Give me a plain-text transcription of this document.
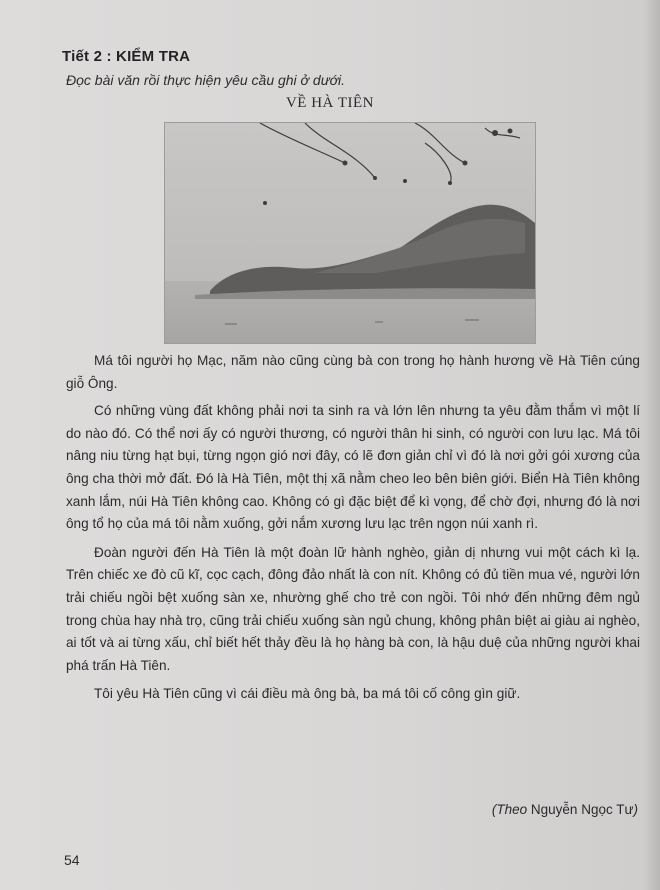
Tiết 2 : KIỂM TRA
Đọc bài văn rồi thực hiện yêu cầu ghi ở dưới.
VỀ HÀ TIÊN

Má tôi người họ Mạc, năm nào cũng cùng bà con trong họ hành hương về Hà Tiên cúng giỗ Ông.

Có những vùng đất không phải nơi ta sinh ra và lớn lên nhưng ta yêu đằm thắm vì một lí do nào đó. Có thể nơi ấy có người thương, có người thân hi sinh, có người con lưu lạc. Má tôi nâng niu từng hạt bụi, từng ngọn gió nơi đây, có lẽ đơn giản chỉ vì đó là nơi gởi gói xương của ông cha thời mở đất. Đó là Hà Tiên, một thị xã nằm cheo leo bên biên giới. Biển Hà Tiên không xanh lắm, núi Hà Tiên không cao. Không có gì đặc biệt để kì vọng, để chờ đợi, nhưng đó là nơi ông tổ họ của má tôi nằm xuống, gởi nắm xương lưu lạc trên ngọn núi xanh rì.

Đoàn người đến Hà Tiên là một đoàn lữ hành nghèo, giản dị nhưng vui một cách kì lạ. Trên chiếc xe đò cũ kĩ, cọc cạch, đông đảo nhất là con nít. Không có đủ tiền mua vé, người lớn trải chiếu ngồi bệt xuống sàn xe, nhường ghế cho trẻ con ngồi. Tôi nhớ đến những đêm ngủ trong chùa hay nhà trọ, cũng trải chiếu xuống sàn ngủ chung, không phân biệt ai giàu ai nghèo, ai tốt và ai từng xấu, chỉ biết hết thảy đều là họ hàng bà con, là hậu duệ của những người khai phá trấn Hà Tiên.

Tôi yêu Hà Tiên cũng vì cái điều mà ông bà, ba má tôi cố công gìn giữ.

(Theo Nguyễn Ngọc Tư)
54
